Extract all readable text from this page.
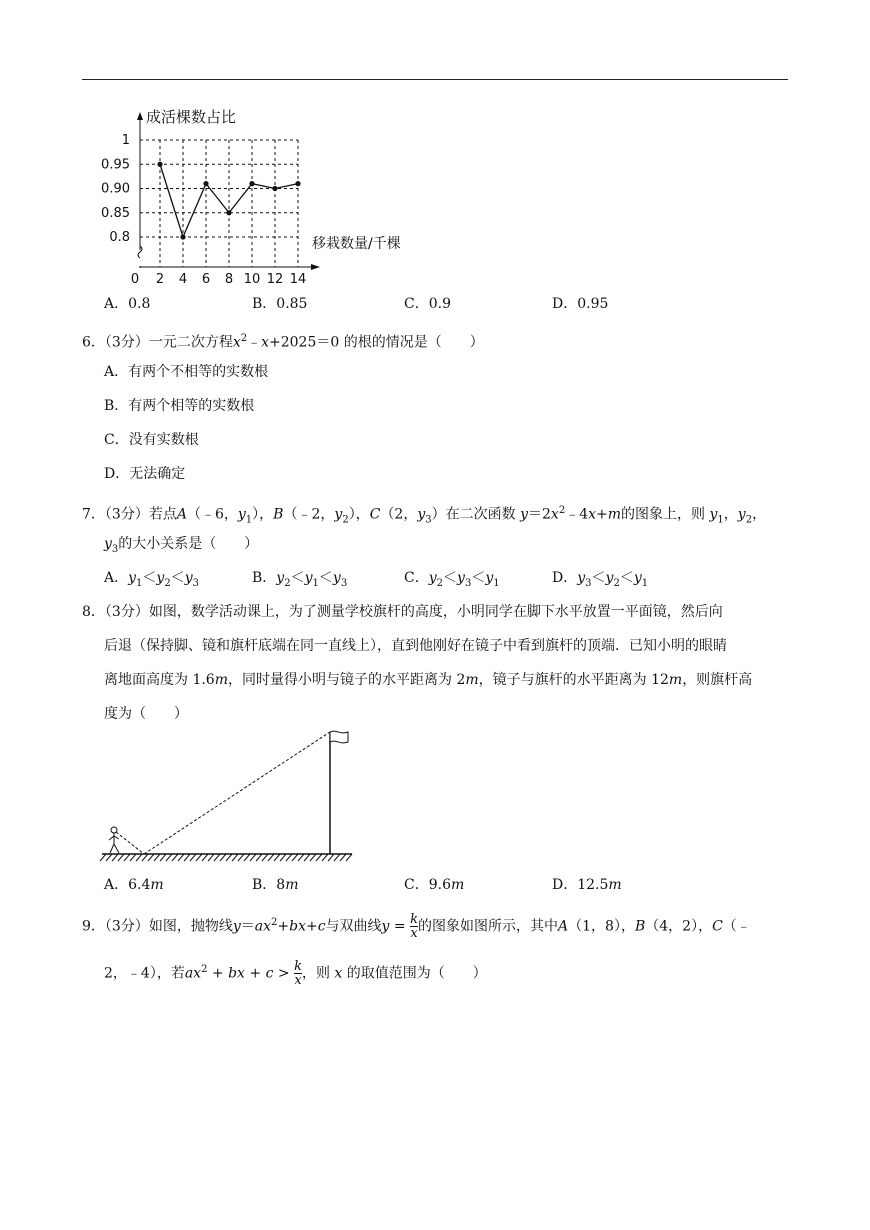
1
0.95
0.90
0.85
0.8
0 2 4 6 8 10 12 14
成活棵数占比
移栽数量/千棵
A．0.8	B．0.85	C．0.9	D．0.95
6．（3分）一元二次方程$x^2﹣x+2025=0$ 的根的情况是（　　）
A．有两个不相等的实数根
B．有两个相等的实数根
C．没有实数根
D．无法确定
7．（3分）若点A（﹣6，$y_1$），B（﹣2，$y_2$），C（2，$y_3$）在二次函数 $y=2x^2﹣4x+m$的图象上，则 $y_1$，$y_2$，
$y_3$的大小关系是（　　）
A．$y_1<y_2<y_3$	B．$y_2<y_1<y_3$	C．$y_2<y_3<y_1$	D．$y_3<y_2<y_1$
8．（3分）如图，数学活动课上，为了测量学校旗杆的高度，小明同学在脚下水平放置一平面镜，然后向
后退（保持脚、镜和旗杆底端在同一直线上），直到他刚好在镜子中看到旗杆的顶端．已知小明的眼睛
离地面高度为 1.6m，同时量得小明与镜子的水平距离为 2m，镜子与旗杆的水平距离为 12m，则旗杆高
度为（　　）
A．6.4m	B．8m	C．9.6m	D．12.5m
9．（3分）如图，抛物线$y=ax^2+bx+c$与双曲线$y = \frac{k}{x}$ 的图象如图所示，其中A（1，8），B（4，2），C（﹣
2，﹣4），若$ax^2$ + bx + $c > \frac{k}{x}$ ，则 x 的取值范围为（　　）
